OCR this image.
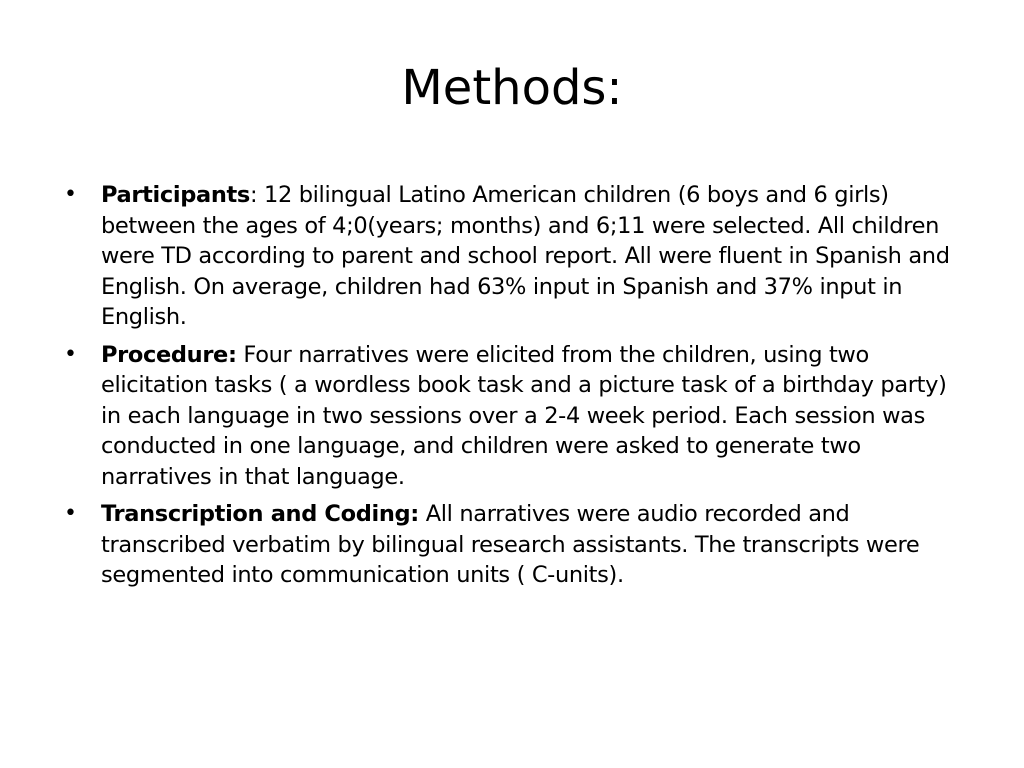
Methods:
•	Participants: 12 bilingual Latino American children (6 boys and 6 girls) between the ages of 4;0(years; months) and 6;11 were selected. All children were TD according to parent and school report. All were fluent in Spanish and English. On average, children had 63% input in Spanish and 37% input in English.
•	Procedure: Four narratives were elicited from the children, using two elicitation tasks ( a wordless book task and a picture task of a birthday party) in each language in two sessions over a 2-4 week period. Each session was conducted in one language, and children were asked to generate two narratives in that language.
•	Transcription and Coding: All narratives were audio recorded and transcribed verbatim by bilingual research assistants. The transcripts were segmented into communication units ( C-units).
